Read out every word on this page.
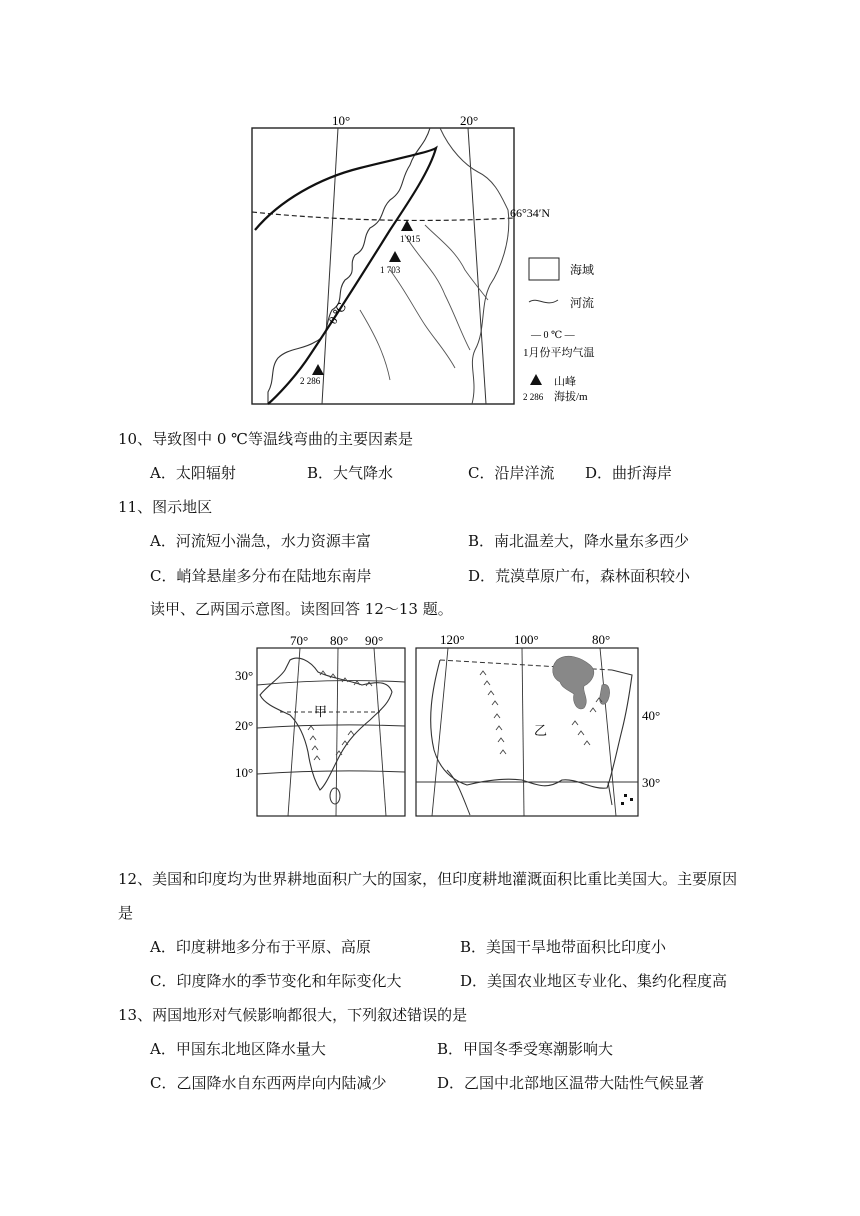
10°	20°
66°34′N
0 ℃
1 915
1 703
2 286
海域
河流
— 0 ℃ —
1月份平均气温
山峰
2 286 海拔/m
10、导致图中 0 ℃等温线弯曲的主要因素是
A．太阳辐射	B．大气降水	C．沿岸洋流 D．曲折海岸
11、图示地区
A．河流短小湍急，水力资源丰富	B．南北温差大，降水量东多西少
C．峭耸悬崖多分布在陆地东南岸	D．荒漠草原广布，森林面积较小
读甲、乙两国示意图。读图回答 12～13 题。
70° 80° 90°
30°
20°
10°
甲
120°	100°	80°
40°
30°
乙
12、美国和印度均为世界耕地面积广大的国家，但印度耕地灌溉面积比重比美国大。主要原因
是
A．印度耕地多分布于平原、高原	B．美国干旱地带面积比印度小
C．印度降水的季节变化和年际变化大	D．美国农业地区专业化、集约化程度高
13、两国地形对气候影响都很大，下列叙述错误的是
A．甲国东北地区降水量大	B．甲国冬季受寒潮影响大
C．乙国降水自东西两岸向内陆减少	D．乙国中北部地区温带大陆性气候显著
